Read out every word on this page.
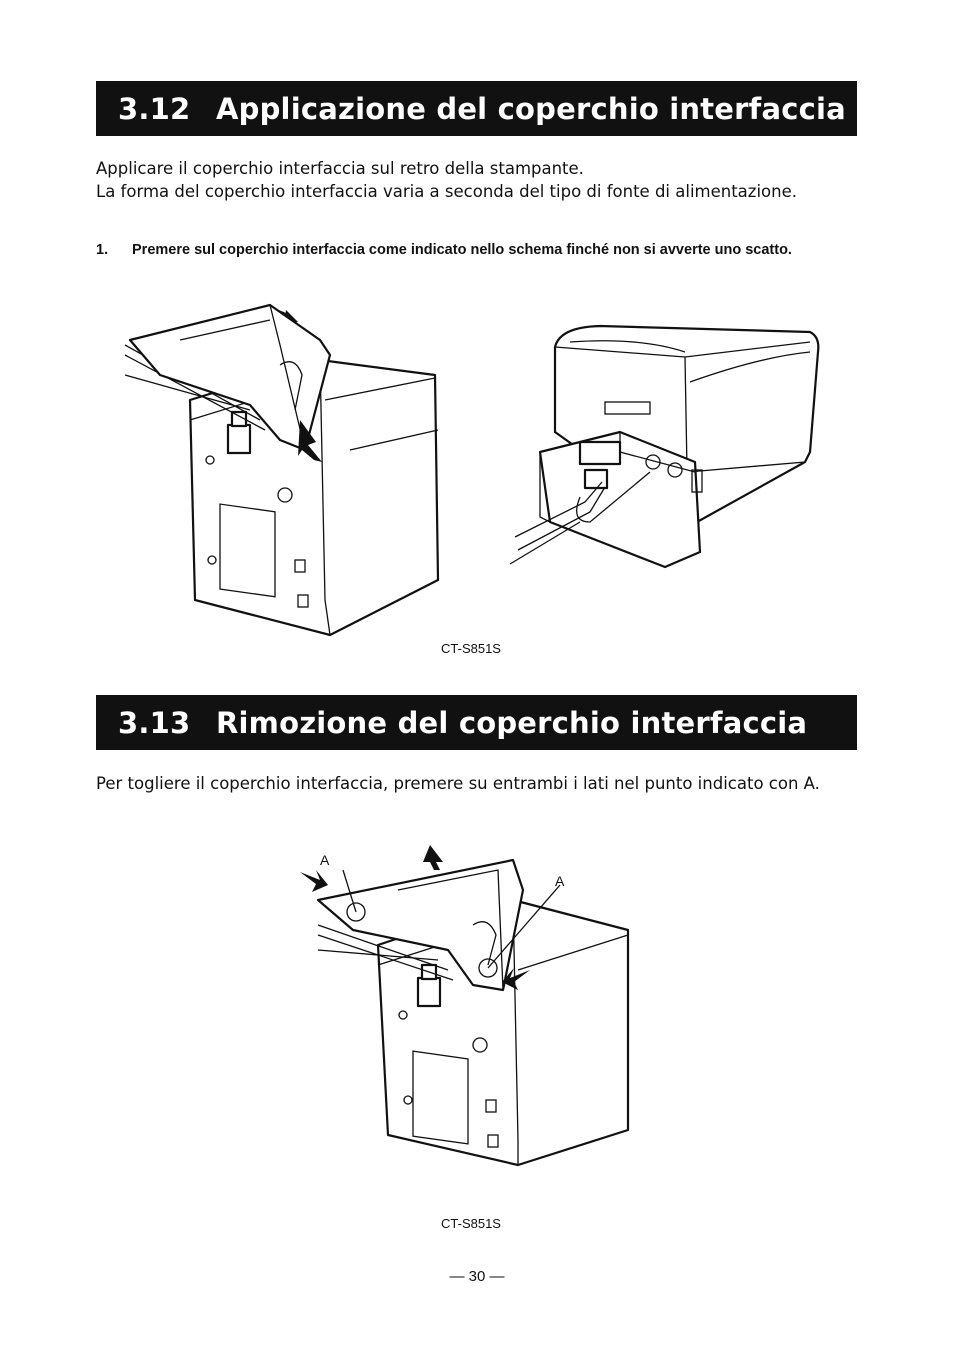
3.12 Applicazione del coperchio interfaccia
Applicare il coperchio interfaccia sul retro della stampante.
La forma del coperchio interfaccia varia a seconda del tipo di fonte di alimentazione.
1. Premere sul coperchio interfaccia come indicato nello schema finché non si avverte uno scatto.
CT-S851S
3.13 Rimozione del coperchio interfaccia
Per togliere il coperchio interfaccia, premere su entrambi i lati nel punto indicato con A.
A
A
CT-S851S
— 30 —
